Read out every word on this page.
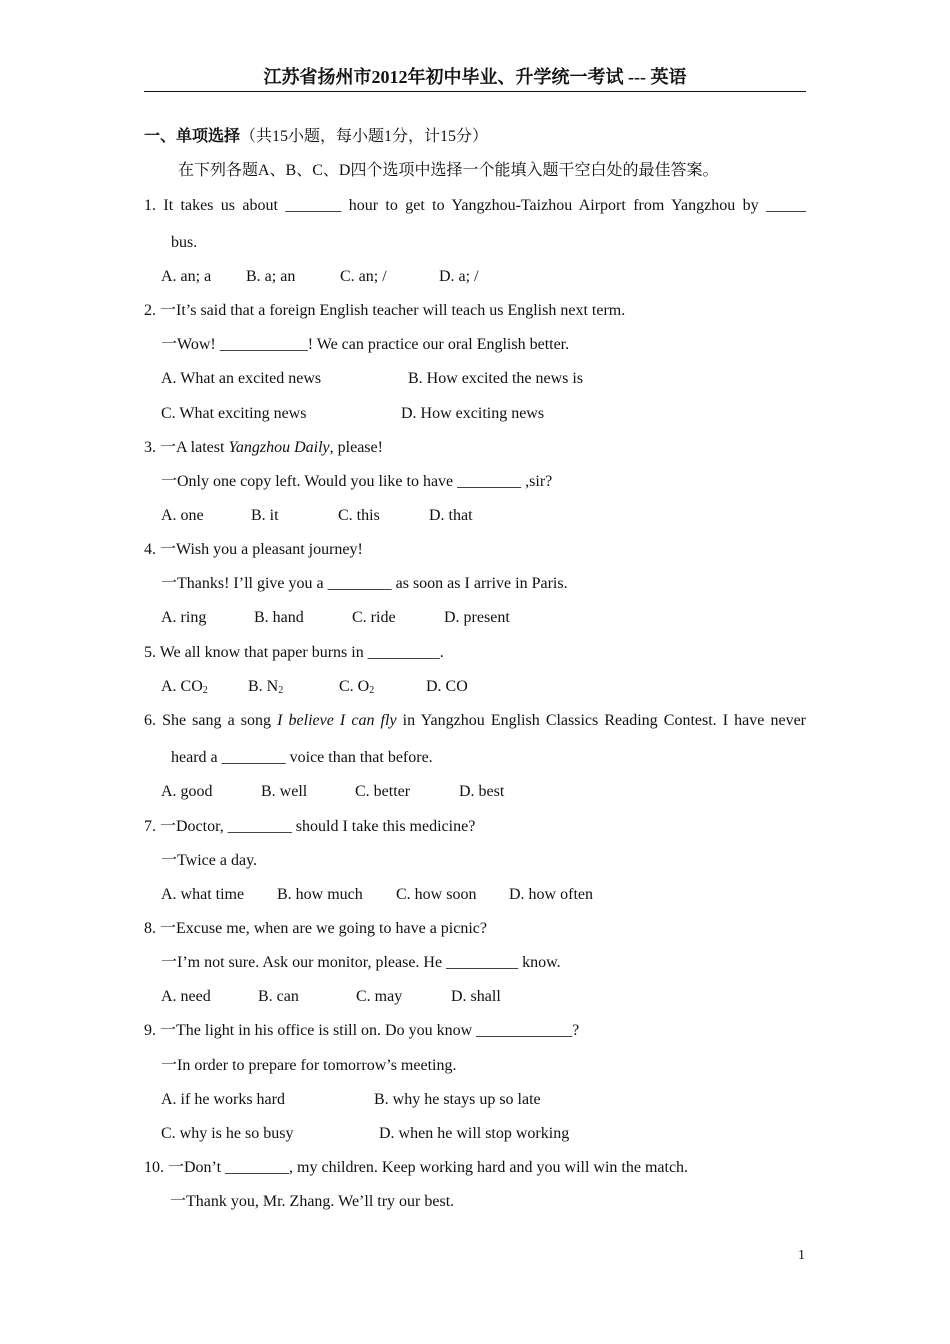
江苏省扬州市2012年初中毕业、升学统一考试 --- 英语
一、单项选择（共15小题，每小题1分，计15分）
在下列各题A、B、C、D四个选项中选择一个能填入题干空白处的最佳答案。
1. It takes us about _______ hour to get to Yangzhou-Taizhou Airport from Yangzhou by _____
bus.
A. an; a B. a; an	C. an; /	D. a; /
2. 一It’s said that a foreign English teacher will teach us English next term.
一Wow! ___________! We can practice our oral English better.
A. What an excited news	B. How excited the news is
C. What exciting news	D. How exciting news
3. 一A latest Yangzhou Daily, please!
一Only one copy left. Would you like to have ________ ,sir?
A. one	B. it	C. this	D. that
4. 一Wish you a pleasant journey!
一Thanks! I’ll give you a ________ as soon as I arrive in Paris.
A. ring	B. hand	C. ride	D. present
5. We all know that paper burns in _________.
A. $CO_2$	B. $N_2$	C. $O_2$	D. CO
6. She sang a song I believe I can fly in Yangzhou English Classics Reading Contest. I have never
heard a ________ voice than that before.
A. good	B. well	C. better	D. best
7. 一Doctor, ________ should I take this medicine?
一Twice a day.
A. what time B. how much C. how soon D. how often
8. 一Excuse me, when are we going to have a picnic?
一I’m not sure. Ask our monitor, please. He _________ know.
A. need	B. can	C. may	D. shall
9. 一The light in his office is still on. Do you know ____________?
一In order to prepare for tomorrow’s meeting.
A. if he works hard	B. why he stays up so late
C. why is he so busy	D. when he will stop working
10. 一Don’t ________, my children. Keep working hard and you will win the match.
一Thank you, Mr. Zhang. We’ll try our best.
1
